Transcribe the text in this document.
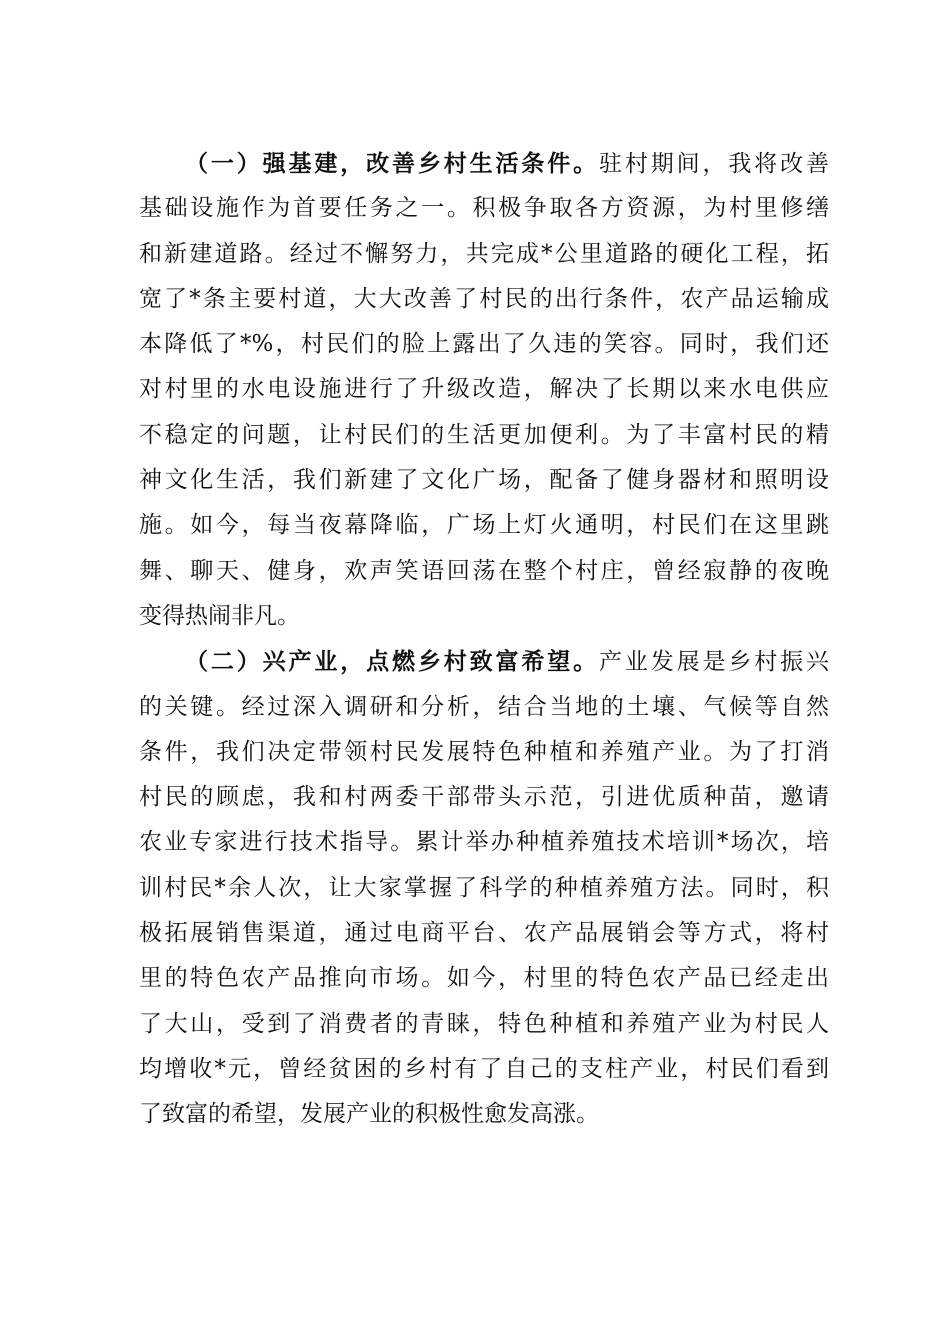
（一）强基建，改善乡村生活条件。驻村期间，我将改善
基础设施作为首要任务之一。积极争取各方资源，为村里修缮
和新建道路。经过不懈努力，共完成*公里道路的硬化工程，拓
宽了*条主要村道，大大改善了村民的出行条件，农产品运输成
本降低了*%，村民们的脸上露出了久违的笑容。同时，我们还
对村里的水电设施进行了升级改造，解决了长期以来水电供应
不稳定的问题，让村民们的生活更加便利。为了丰富村民的精
神文化生活，我们新建了文化广场，配备了健身器材和照明设
施。如今，每当夜幕降临，广场上灯火通明，村民们在这里跳
舞、聊天、健身，欢声笑语回荡在整个村庄，曾经寂静的夜晚
变得热闹非凡。
（二）兴产业，点燃乡村致富希望。产业发展是乡村振兴
的关键。经过深入调研和分析，结合当地的土壤、气候等自然
条件，我们决定带领村民发展特色种植和养殖产业。为了打消
村民的顾虑，我和村两委干部带头示范，引进优质种苗，邀请
农业专家进行技术指导。累计举办种植养殖技术培训*场次，培
训村民*余人次，让大家掌握了科学的种植养殖方法。同时，积
极拓展销售渠道，通过电商平台、农产品展销会等方式，将村
里的特色农产品推向市场。如今，村里的特色农产品已经走出
了大山，受到了消费者的青睐，特色种植和养殖产业为村民人
均增收*元，曾经贫困的乡村有了自己的支柱产业，村民们看到
了致富的希望，发展产业的积极性愈发高涨。
